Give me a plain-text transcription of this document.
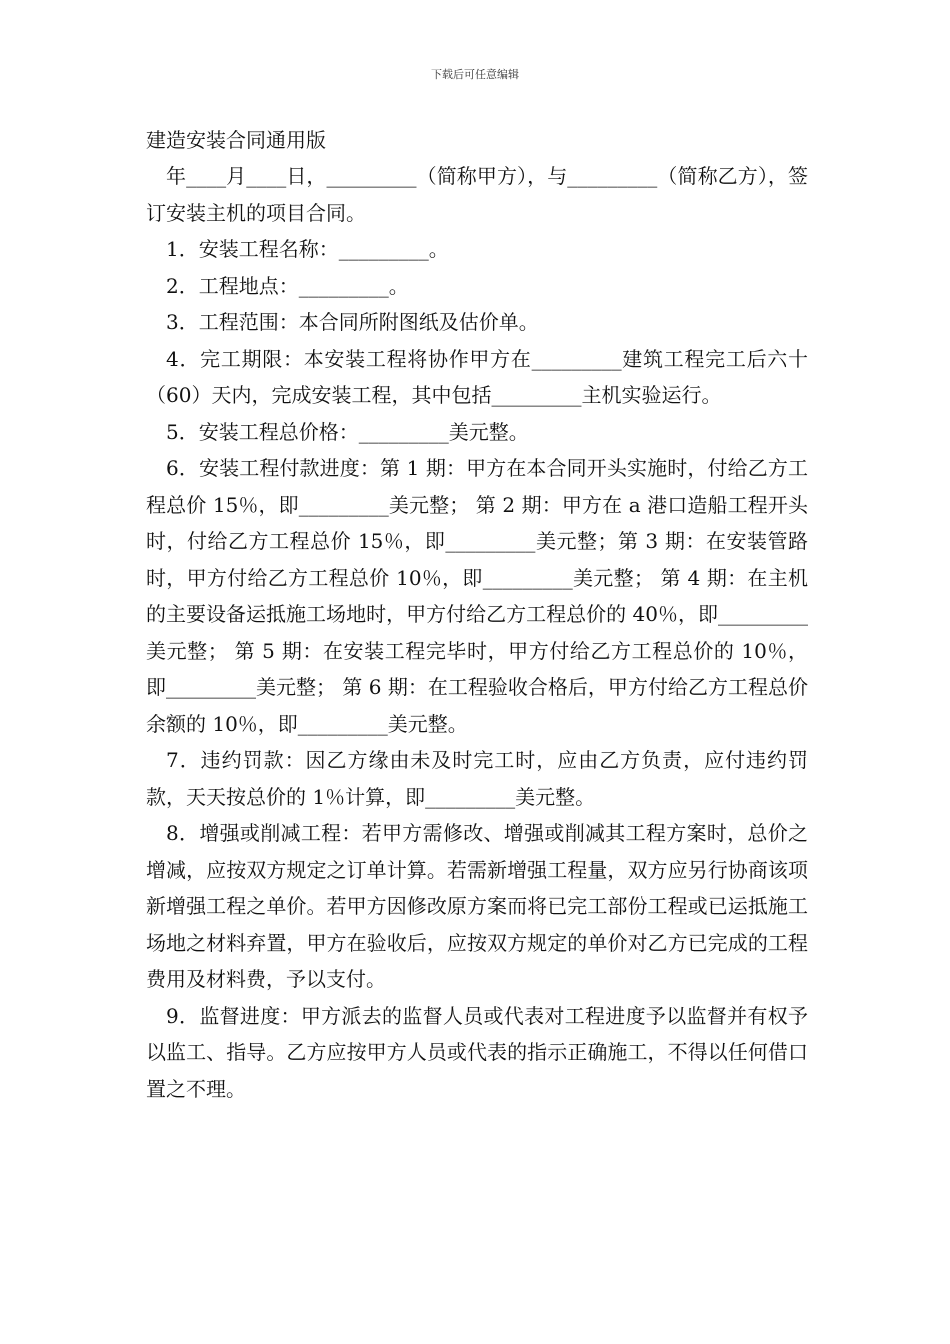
下载后可任意编辑

建造安装合同通用版

年____月____日，_________（简称甲方），与_________（简称乙方），签订安装主机的项目合同。

1．安装工程名称：_________。

2．工程地点：_________。

3．工程范围：本合同所附图纸及估价单。

4．完工期限：本安装工程将协作甲方在_________建筑工程完工后六十（60）天内，完成安装工程，其中包括_________主机实验运行。

5．安装工程总价格：_________美元整。

6．安装工程付款进度：第 1 期：甲方在本合同开头实施时，付给乙方工程总价 15％，即_________美元整； 第 2 期：甲方在 a 港口造船工程开头时，付给乙方工程总价 15％，即_________美元整；第 3 期：在安装管路时，甲方付给乙方工程总价 10％，即_________美元整； 第 4 期：在主机的主要设备运抵施工场地时，甲方付给乙方工程总价的 40％，即_________美元整； 第 5 期：在安装工程完毕时，甲方付给乙方工程总价的 10％，即_________美元整； 第 6 期：在工程验收合格后，甲方付给乙方工程总价余额的 10％，即_________美元整。

7．违约罚款：因乙方缘由未及时完工时，应由乙方负责，应付违约罚款，天天按总价的 1％计算，即_________美元整。

8．增强或削减工程：若甲方需修改、增强或削减其工程方案时，总价之增减，应按双方规定之订单计算。若需新增强工程量，双方应另行协商该项新增强工程之单价。若甲方因修改原方案而将已完工部份工程或已运抵施工场地之材料弃置，甲方在验收后，应按双方规定的单价对乙方已完成的工程费用及材料费，予以支付。

9．监督进度：甲方派去的监督人员或代表对工程进度予以监督并有权予以监工、指导。乙方应按甲方人员或代表的指示正确施工，不得以任何借口置之不理。
